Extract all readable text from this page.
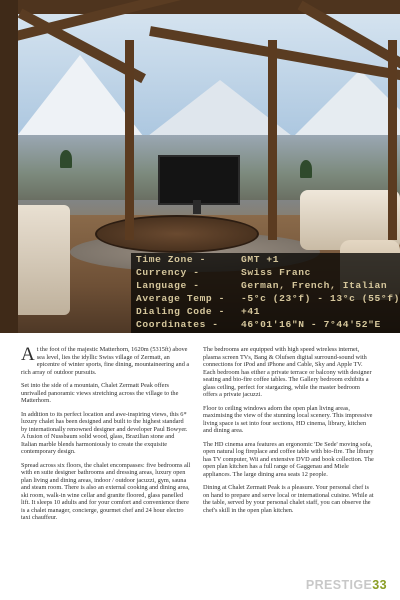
Time Zone -	GMT +1
Currency -	Swiss Franc
Language -	German, French, Italian
Average Temp - -5°c (23°f) - 13°c (55°f)
Dialing Code - +41
Coordinates - 46°01'16"N - 7°44'52"E

At the foot of the majestic Matterhorn, 1620m (5315ft) above sea level, lies the idyllic Swiss village of Zermatt, an epicentre of winter sports, fine dining, mountaineering and a rich array of outdoor pursuits.

Set into the side of a mountain, Chalet Zermatt Peak offers unrivalled panoramic views stretching across the village to the Matterhorn.

In addition to its perfect location and awe-inspiring views, this 6* luxury chalet has been designed and built to the highest standard by internationally renowned designer and developer Paul Bowyer. A fusion of Nussbaum solid wood, glass, Brazilian stone and Italian marble blends harmoniously to create the exquisite contemporary design.

Spread across six floors, the chalet encompasses: five bedrooms all with en suite designer bathrooms and dressing areas, luxury open plan living and dining areas, indoor / outdoor jacuzzi, gym, sauna and steam room. There is also an external cooking and dining area, ski room, walk-in wine cellar and granite floored, glass panelled lift. It sleeps 10 adults and for your comfort and convenience there is a chalet manager, concierge, gourmet chef and 24 hour electro taxi chauffeur.

The bedrooms are equipped with high speed wireless internet, plasma screen TVs, Bang & Olufsen digital surround-sound with connections for iPod and iPhone and Cable, Sky and Apple TV. Each bedroom has either a private terrace or balcony with designer seating and bio-fire coffee tables. The Gallery bedroom exhibits a glass ceiling, perfect for stargazing, while the master bedroom offers a private jacuzzi.

Floor to ceiling windows adorn the open plan living areas, maximising the view of the stunning local scenery. This impressive living space is set into four sections, HD cinema, library, kitchen and dining area.

The HD cinema area features an ergonomic 'De Sede' moving sofa, open natural log fireplace and coffee table with bio-fire. The library has TV computer, Wii and extensive DVD and book collection. The open plan kitchen has a full range of Gaggenau and Miele appliances. The large dining area seats 12 people.

Dining at Chalet Zermatt Peak is a pleasure. Your personal chef is on hand to prepare and serve local or international cuisine. While at the table, served by your personal chalet staff, you can observe the chef's skill in the open plan kitchen.

PRESTIGE33
